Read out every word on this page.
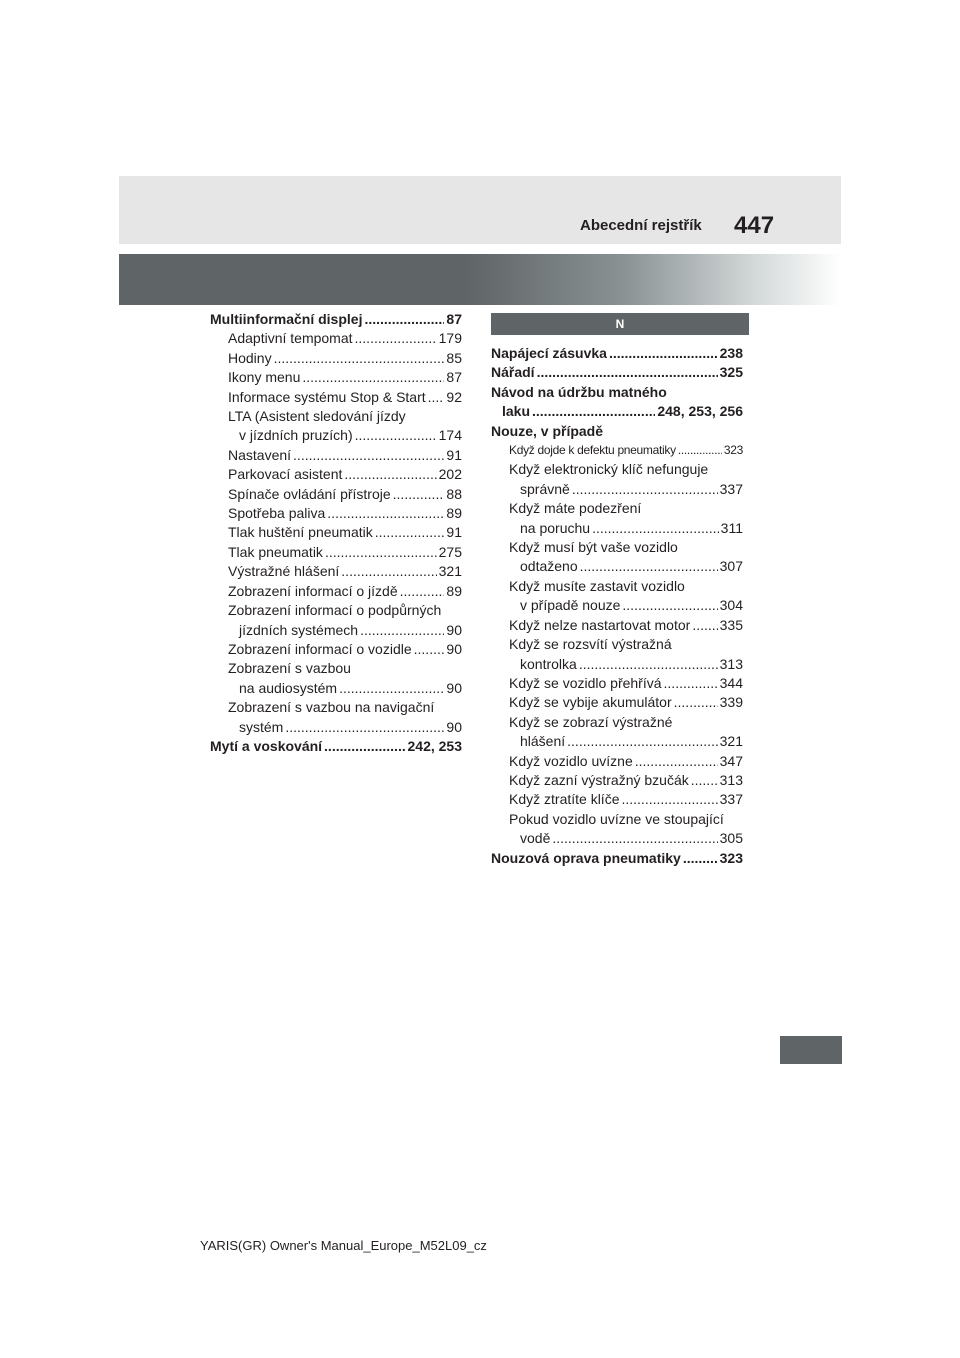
Abecední rejstřík 447
Multiinformační displej .....	87
Adaptivní tempomat .....	179
Hodiny .....	85
Ikony menu .....	87
Informace systému Stop & Start ..... 92
LTA (Asistent sledování jízdy
v jízdních pruzích) .....	174
Nastavení .....	91
Parkovací asistent .....	202
Spínače ovládání přístroje .....	88
Spotřeba paliva .....	89
Tlak huštění pneumatik .....	91
Tlak pneumatik .....	275
Výstražné hlášení .....	321
Zobrazení informací o jízdě .....	89
Zobrazení informací o podpůrných
jízdních systémech .....	90
Zobrazení informací o vozidle ..... 90
Zobrazení s vazbou
na audiosystém .....	90
Zobrazení s vazbou na navigační
systém .....	90
Mytí a voskování .....	242, 253
N
Napájecí zásuvka .....	238
Nářadí .....	325
Návod na údržbu matného
laku .....	248, 253, 256
Nouze, v případě
Když dojde k defektu pneumatiky .....	323
Když elektronický klíč nefunguje
správně .....	337
Když máte podezření
na poruchu .....	311
Když musí být vaše vozidlo
odtaženo .....	307
Když musíte zastavit vozidlo
v případě nouze .....	304
Když nelze nastartovat motor ..... 335
Když se rozsvítí výstražná
kontrolka .....	313
Když se vozidlo přehřívá .....	344
Když se vybije akumulátor .....	339
Když se zobrazí výstražné
hlášení .....	321
Když vozidlo uvízne .....	347
Když zazní výstražný bzučák ..... 313
Když ztratíte klíče .....	337
Pokud vozidlo uvízne ve stoupající
vodě .....	305
Nouzová oprava pneumatiky .....	323
YARIS(GR) Owner's Manual_Europe_M52L09_cz
